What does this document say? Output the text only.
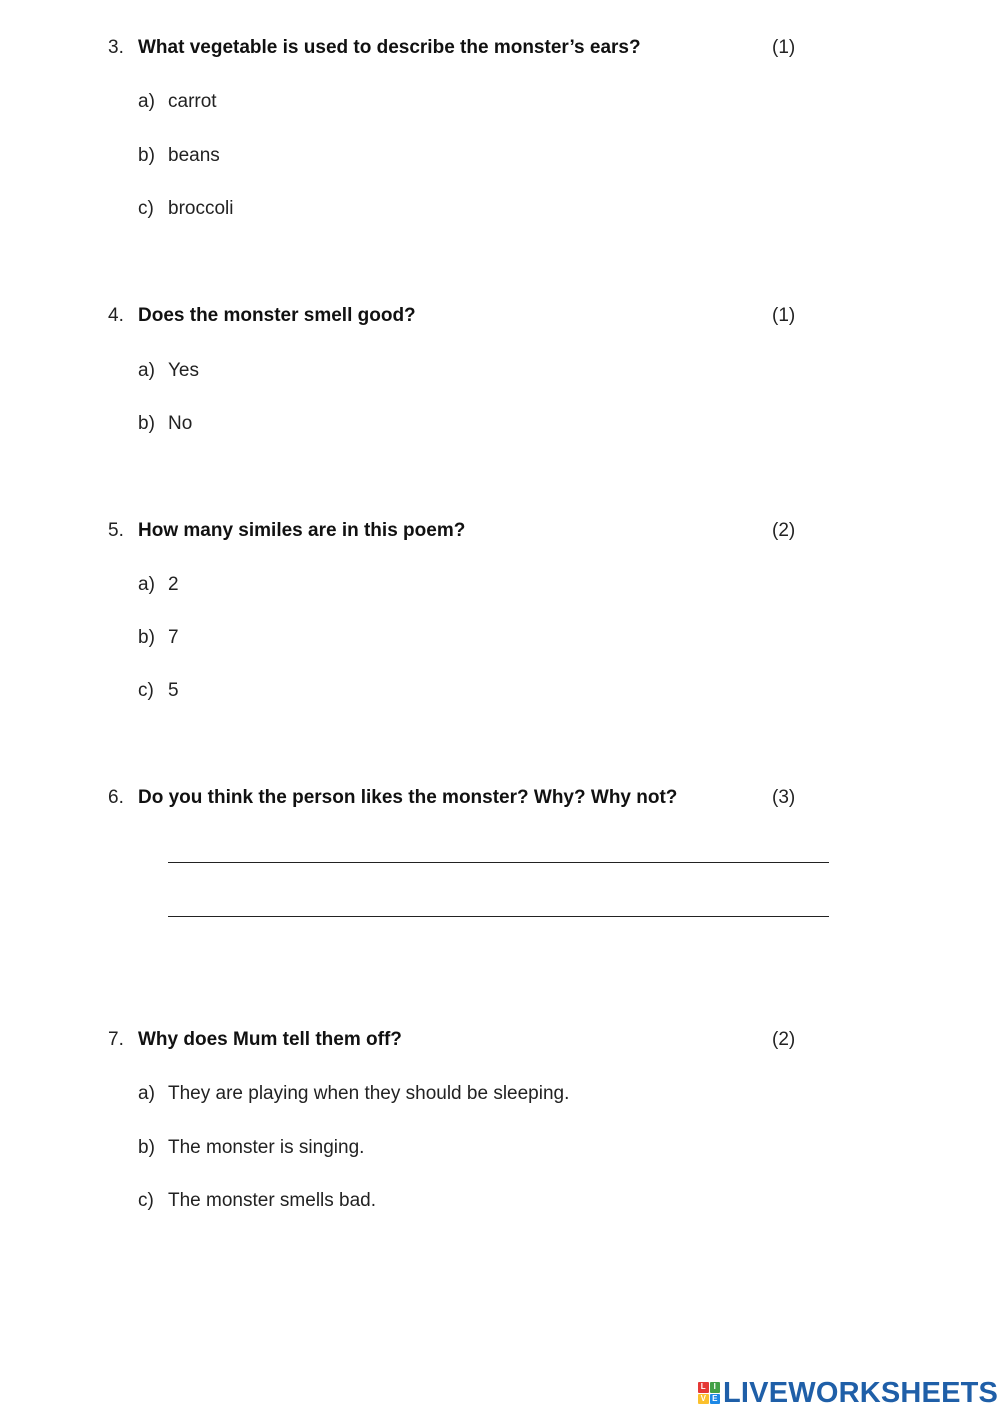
3. What vegetable is used to describe the monster’s ears?	(1)
a) carrot
b) beans
c) broccoli
4. Does the monster smell good?	(1)
a) Yes
b) No
5. How many similes are in this poem?	(2)
a) 2
b) 7
c) 5
6. Do you think the person likes the monster? Why? Why not?	(3)
7. Why does Mum tell them off?	(2)
a) They are playing when they should be sleeping.
b) The monster is singing.
c) The monster smells bad.
L I
V E LIVEWORKSHEETS
